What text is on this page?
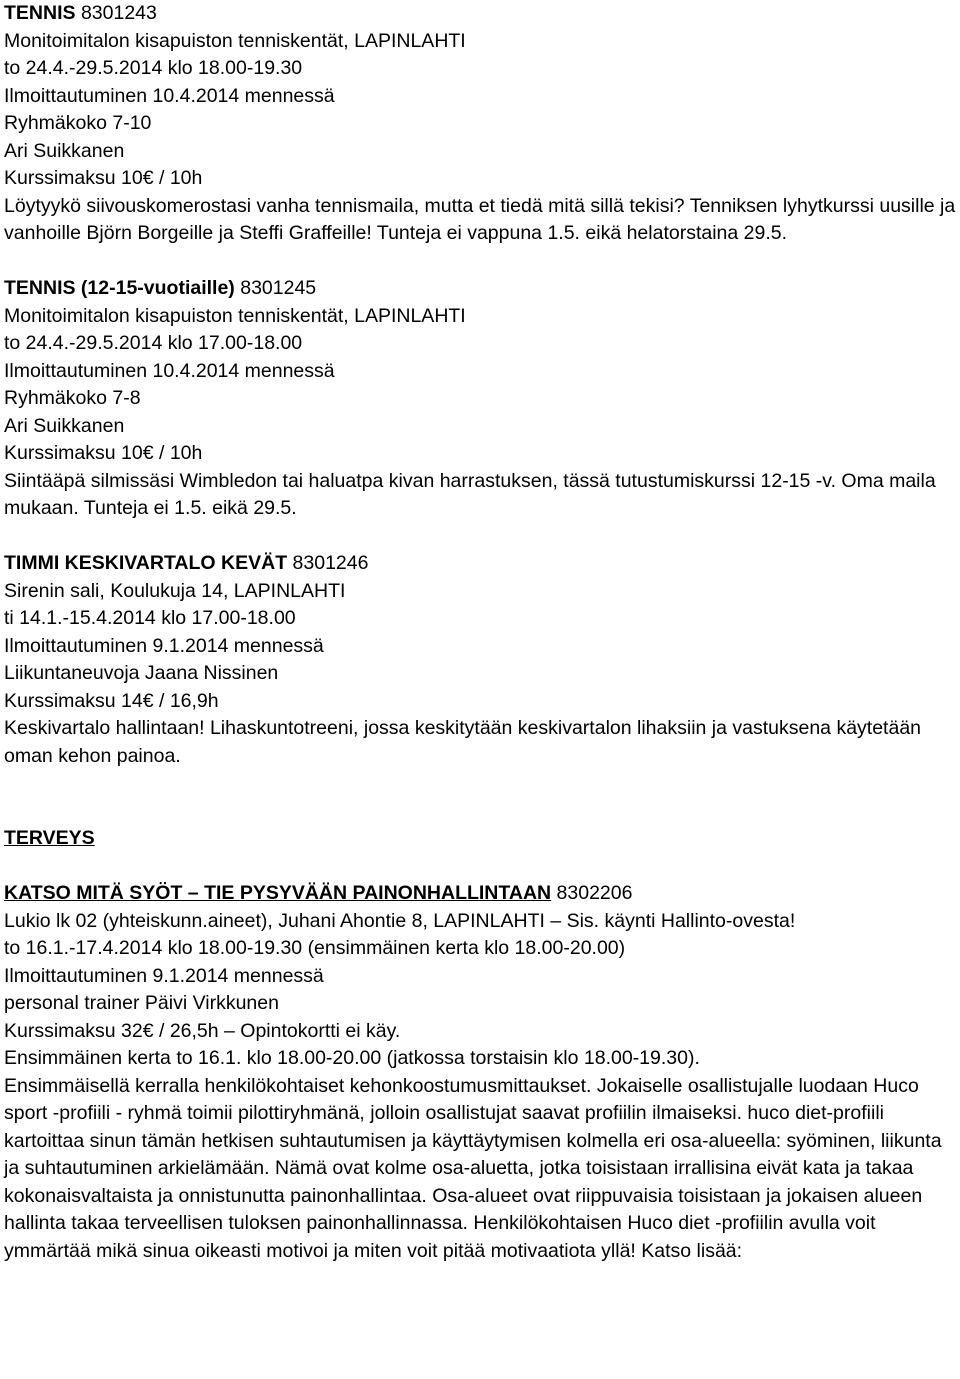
TENNIS 8301243
Monitoimitalon kisapuiston tenniskentät, LAPINLAHTI
to 24.4.-29.5.2014 klo 18.00-19.30
Ilmoittautuminen 10.4.2014 mennessä
Ryhmäkoko 7-10
Ari Suikkanen
Kurssimaksu 10€ / 10h
Löytyykö siivouskomerostasi vanha tennismaila, mutta et tiedä mitä sillä tekisi? Tenniksen lyhytkurssi uusille ja vanhoille Björn Borgeille ja Steffi Graffeille! Tunteja ei vappuna 1.5. eikä helatorstaina 29.5.
TENNIS (12-15-vuotiaille) 8301245
Monitoimitalon kisapuiston tenniskentät, LAPINLAHTI
to 24.4.-29.5.2014 klo 17.00-18.00
Ilmoittautuminen 10.4.2014 mennessä
Ryhmäkoko 7-8
Ari Suikkanen
Kurssimaksu 10€ / 10h
Siintääpä silmissäsi Wimbledon tai haluatpa kivan harrastuksen, tässä tutustumiskurssi 12-15 -v. Oma maila mukaan. Tunteja ei 1.5. eikä 29.5.
TIMMI KESKIVARTALO KEVÄT 8301246
Sirenin sali, Koulukuja 14, LAPINLAHTI
ti 14.1.-15.4.2014 klo 17.00-18.00
Ilmoittautuminen 9.1.2014 mennessä
Liikuntaneuvoja Jaana Nissinen
Kurssimaksu 14€ / 16,9h
Keskivartalo hallintaan! Lihaskuntotreeni, jossa keskitytään keskivartalon lihaksiin ja vastuksena käytetään oman kehon painoa.
TERVEYS
KATSO MITÄ SYÖT – TIE PYSYVÄÄN PAINONHALLINTAAN 8302206
Lukio lk 02 (yhteiskunn.aineet), Juhani Ahontie 8, LAPINLAHTI – Sis. käynti Hallinto-ovesta!
to 16.1.-17.4.2014 klo 18.00-19.30 (ensimmäinen kerta klo 18.00-20.00)
Ilmoittautuminen 9.1.2014 mennessä
personal trainer Päivi Virkkunen
Kurssimaksu 32€ / 26,5h – Opintokortti ei käy.
Ensimmäinen kerta to 16.1. klo 18.00-20.00 (jatkossa torstaisin klo 18.00-19.30).
Ensimmäisellä kerralla henkilökohtaiset kehonkoostumusmittaukset. Jokaiselle osallistujalle luodaan Huco sport -profiili - ryhmä toimii pilottiryhmänä, jolloin osallistujat saavat profiilin ilmaiseksi. huco diet-profiili kartoittaa sinun tämän hetkisen suhtautumisen ja käyttäytymisen kolmella eri osa-alueella: syöminen, liikunta ja suhtautuminen arkielämään. Nämä ovat kolme osa-aluetta, jotka toisistaan irrallisina eivät kata ja takaa kokonaisvaltaista ja onnistunutta painonhallintaa. Osa-alueet ovat riippuvaisia toisistaan ja jokaisen alueen hallinta takaa terveellisen tuloksen painonhallinnassa. Henkilökohtaisen Huco diet -profiilin avulla voit ymmärtää mikä sinua oikeasti motivoi ja miten voit pitää motivaatiota yllä! Katso lisää:
